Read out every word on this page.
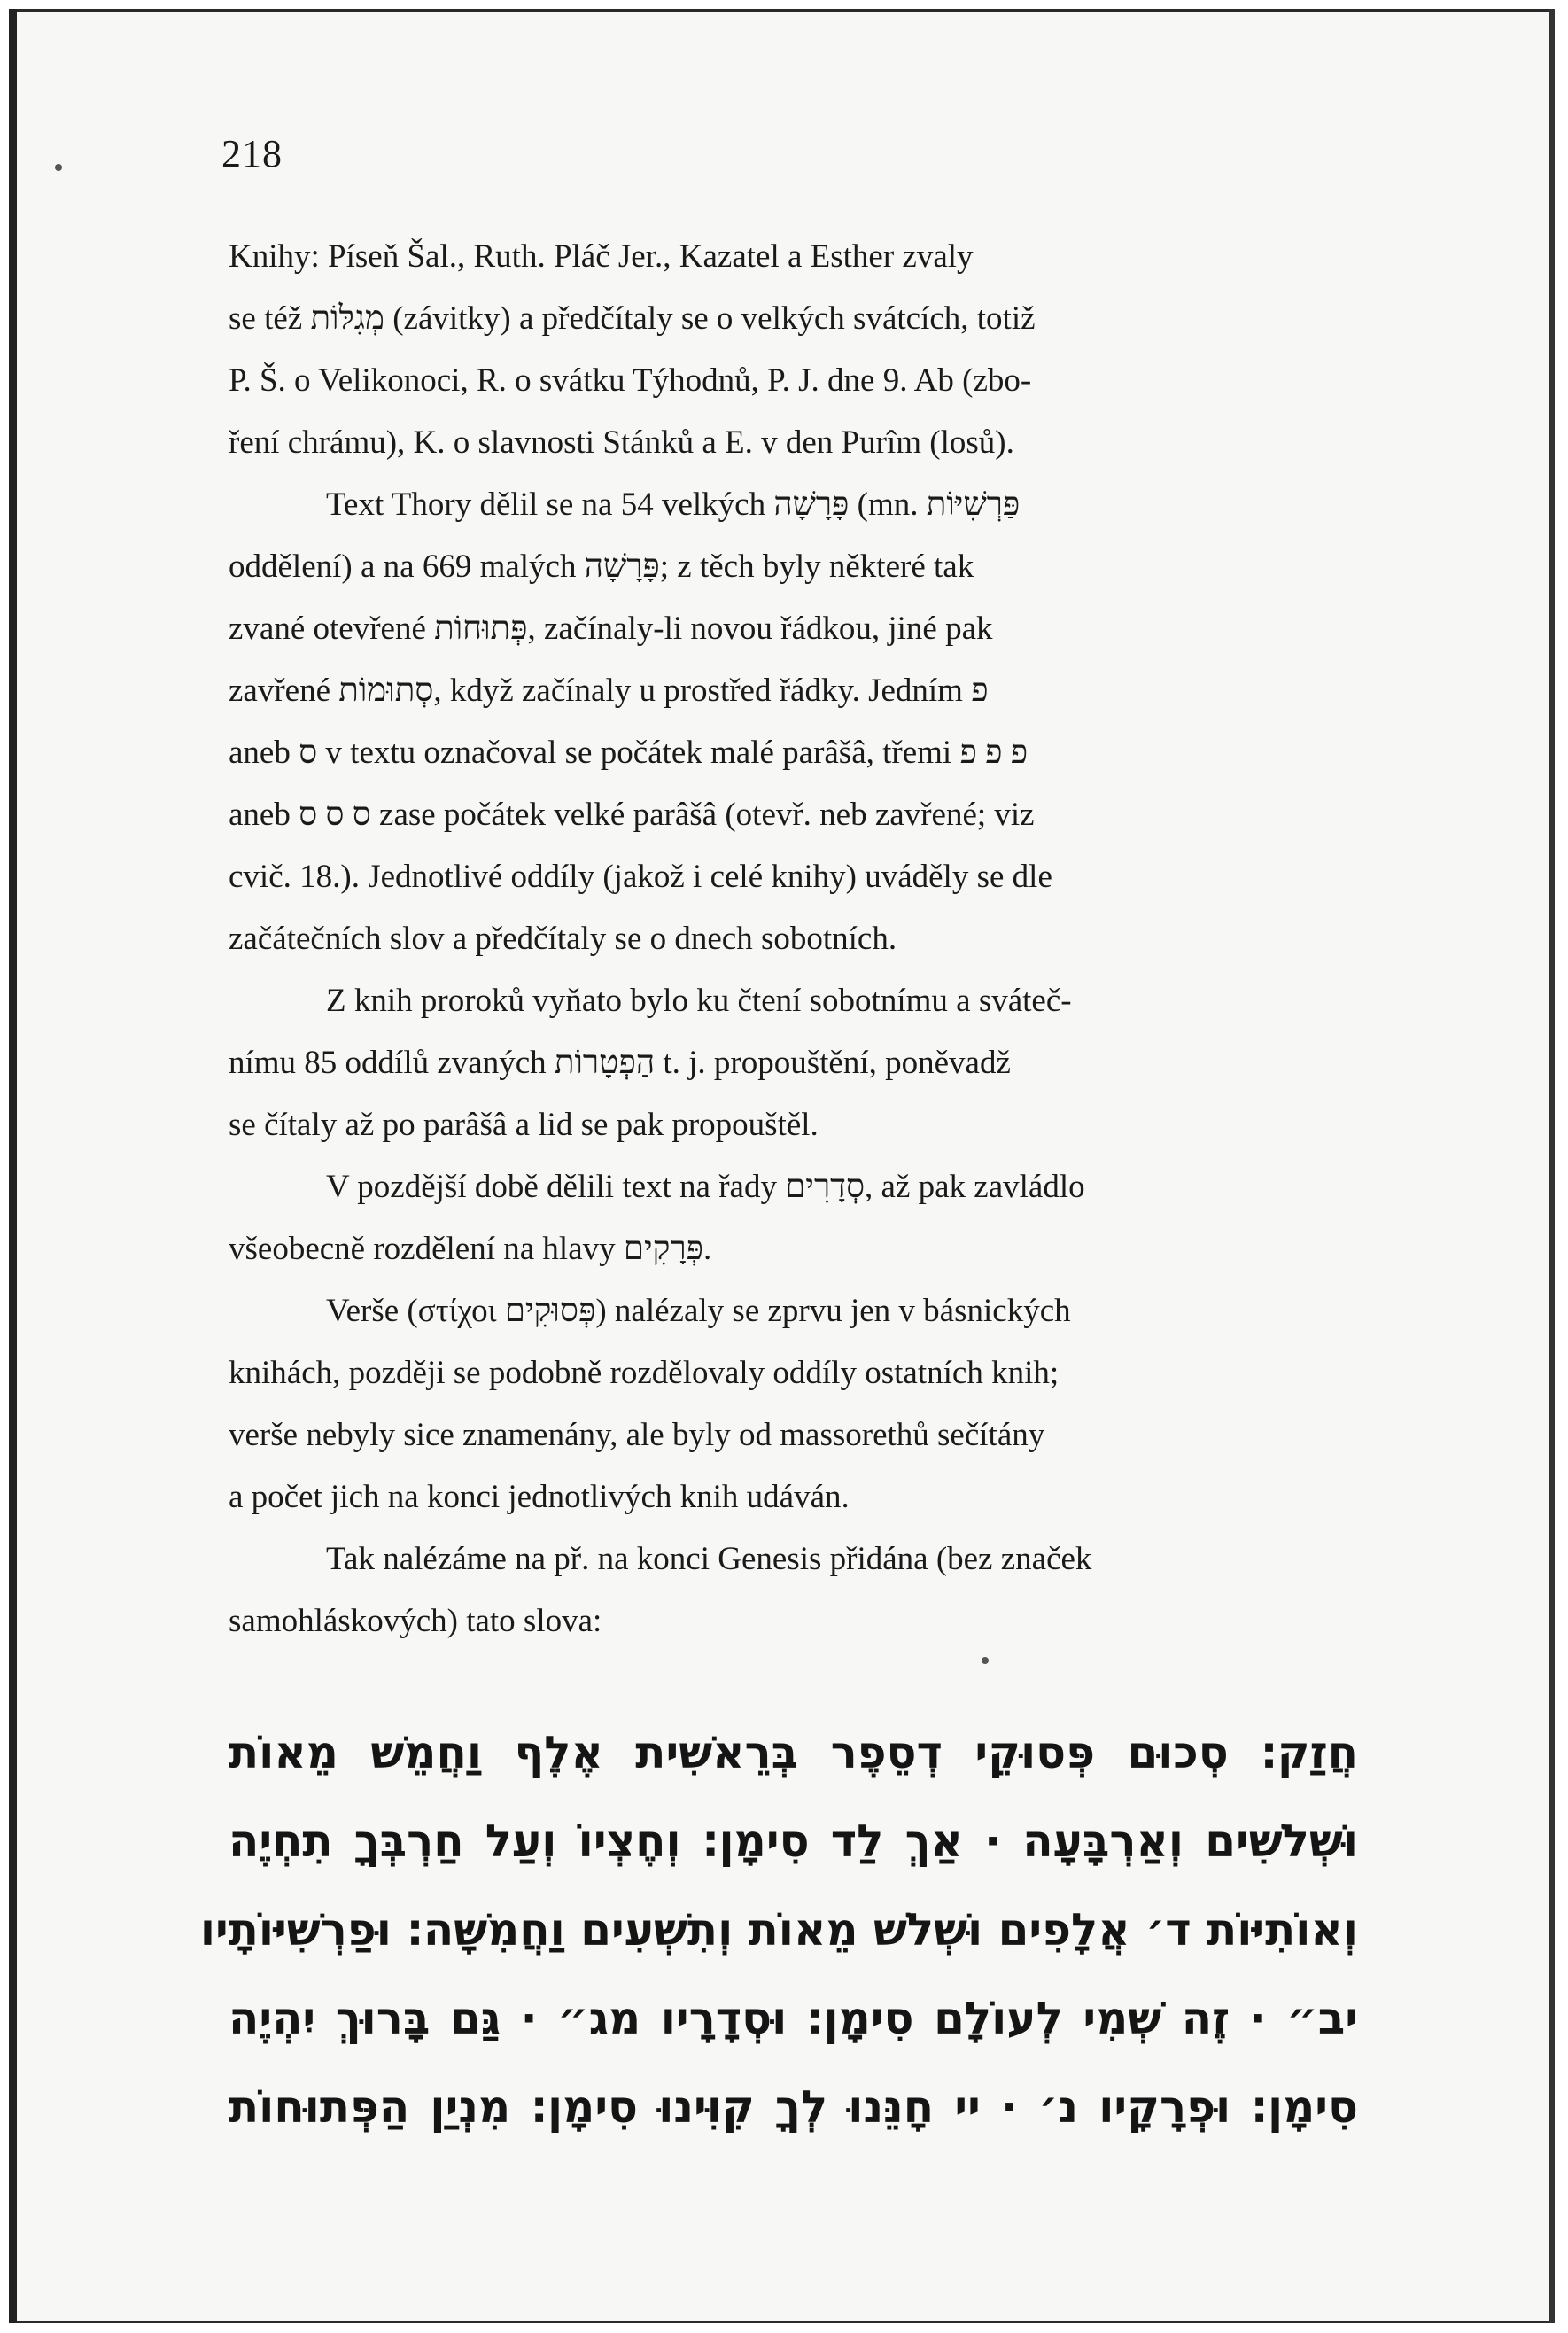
218
Knihy: Píseň Šal., Ruth. Pláč Jer., Kazatel a Esther zvaly
se též מְגִלּוֹת (závitky) a předčítaly se o velkých svátcích, totiž
P. Š. o Velikonoci, R. o svátku Týhodnů, P. J. dne 9. Ab (zbo-
ření chrámu), K. o slavnosti Stánků a E. v den Purîm (losů).
Text Thory dělil se na 54 velkých פָּרָשָׁה (mn. פַּרְשִׁיּוֹת
oddělení) a na 669 malých פָּרָשָׁה; z těch byly některé tak
zvané otevřené פְּתוּחוֹת, začínaly-li novou řádkou, jiné pak
zavřené סְתוּמוֹת, když začínaly u prostřed řádky. Jedním פ
aneb ס v textu označoval se počátek malé parâšâ, třemi פ פ פ
aneb ס ס ס zase počátek velké parâšâ (otevř. neb zavřené; viz
cvič. 18.). Jednotlivé oddíly (jakož i celé knihy) uváděly se dle
začátečních slov a předčítaly se o dnech sobotních.
Z knih proroků vyňato bylo ku čtení sobotnímu a sváteč-
nímu 85 oddílů zvaných הַפְטָרוֹת t. j. propouštění, poněvadž
se čítaly až po parâšâ a lid se pak propouštěl.
V pozdější době dělili text na řady סְדָרִים, až pak zavládlo
všeobecně rozdělení na hlavy פְּרָקִים.
Verše (στίχοι פְּסוּקִים) nalézaly se zprvu jen v básnických
knihách, později se podobně rozdělovaly oddíly ostatních knih;
verše nebyly sice znamenány, ale byly od massorethů sečítány
a počet jich na konci jednotlivých knih udáván.
Tak nalézáme na př. na konci Genesis přidána (bez značek
samohláskových) tato slova:
חֲזַק׃ סְכוּם פְּסוּקֵי דְסֵפֶר בְּרֵאשִׁית אֶלֶף וַחֲמֵשׁ מֵאוֹת
וּשְׁלֹשִׁים וְאַרְבָּעָה · אַךְ לַד סִימָן׃ וְחֶצְיוֹ וְעַל חַרְבְּךָ תִחְיֶה
וְאוֹתִיּוֹת ד׳ אֲלָפִים וּשְׁלֹשׁ מֵאוֹת וְתִשְׁעִים וַחֲמִשָּׁה׃ וּפַרְשִׁיּוֹתָיו
יב״ · זֶה שְׁמִי לְעוֹלָם סִימָן׃ וּסְדָרָיו מג״ · גַּם בָּרוּךְ יִהְיֶה
סִימָן׃ וּפְרָקָיו נ׳ · יי חָנֵּנוּ לְךָ קִוִּינוּ סִימָן׃ מִנְיַן הַפְּתוּחוֹת
